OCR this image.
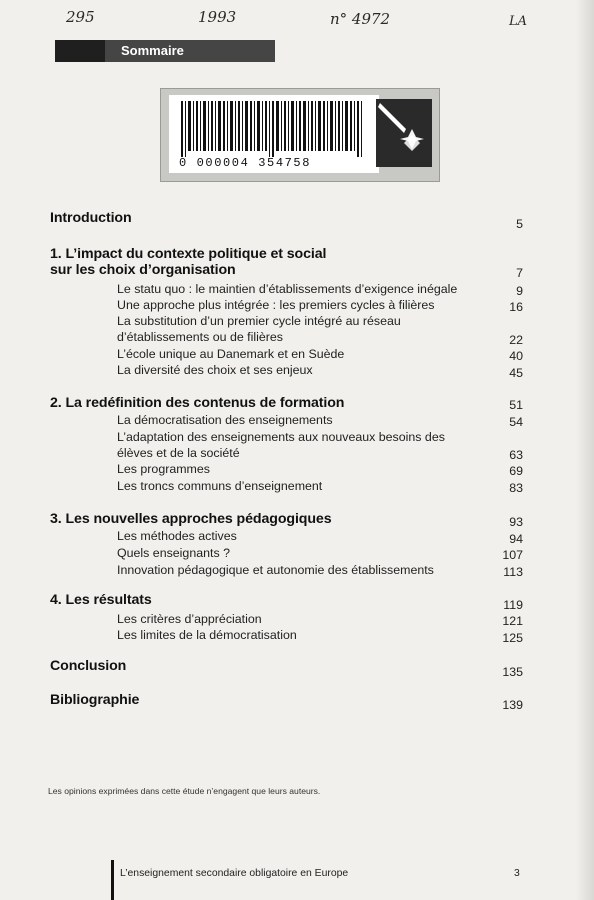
295	1993	n° 4972	LA
Sommaire
0 000004 354758
Introduction	5
1. L’impact du contexte politique et social
sur les choix d’organisation	7
Le statu quo : le maintien d’établissements d’exigence inégale	9
Une approche plus intégrée : les premiers cycles à filières	16
La substitution d’un premier cycle intégré au réseau
d’établissements ou de filières	22
L’école unique au Danemark et en Suède	40
La diversité des choix et ses enjeux	45
2. La redéfinition des contenus de formation	51
La démocratisation des enseignements	54
L’adaptation des enseignements aux nouveaux besoins des
élèves et de la société	63
Les programmes	69
Les troncs communs d’enseignement	83
3. Les nouvelles approches pédagogiques	93
Les méthodes actives	94
Quels enseignants ?	107
Innovation pédagogique et autonomie des établissements	113
4. Les résultats	119
Les critères d’appréciation	121
Les limites de la démocratisation	125
Conclusion	135
Bibliographie	139
Les opinions exprimées dans cette étude n’engagent que leurs auteurs.
L’enseignement secondaire obligatoire en Europe	3
